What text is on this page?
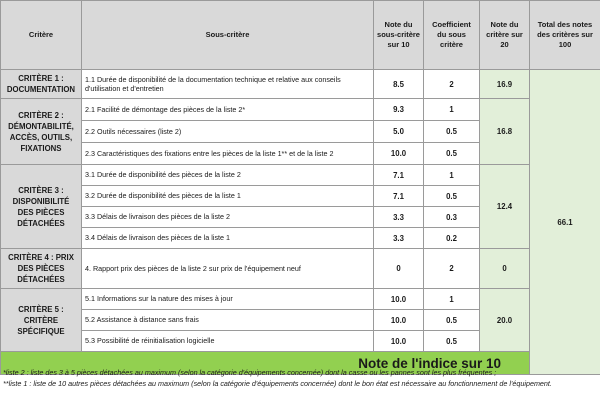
Critère	Sous-critère	Note du sous-critère sur 10	Coefficient du sous critère	Note du critère sur 20	Total des notes des critères sur 100	
CRITÈRE 1 : DOCUMENTATION	1.1 Durée de disponibilité de la documentation technique et relative aux conseils d'utilisation et d'entretien	8.5	2	16.9	66.1	
CRITÈRE 2 : DÉMONTABILITÉ, ACCÈS, OUTILS, FIXATIONS	2.1 Facilité de démontage des pièces de la liste 2*	9.3	1	16.8		
	2.2 Outils nécessaires (liste 2)	5.0	0.5			
	2.3 Caractéristiques des fixations entre les pièces de la liste 1** et de la liste 2	10.0	0.5			
CRITÈRE 3 : DISPONIBILITÉ DES PIÈCES DÉTACHÉES	3.1 Durée de disponibilité des pièces de la liste 2	7.1	1	12.4		
	3.2 Durée de disponibilité des pièces de la liste 1	7.1	0.5			
	3.3 Délais de livraison des pièces de la liste 2	3.3	0.3			
	3.4 Délais de livraison des pièces de la liste 1	3.3	0.2			
CRITÈRE 4 : PRIX DES PIÈCES DÉTACHÉES	4. Rapport prix des pièces de la liste 2 sur prix de l'équipement neuf	0	2	0		
CRITÈRE 5 : CRITÈRE SPÉCIFIQUE	5.1 Informations sur la nature des mises à jour	10.0	1	20.0		
	5.2 Assistance à distance sans frais	10.0	0.5			
	5.3 Possibilité de réinitialisation logicielle	10.0	0.5			
Note de l'indice sur 10	
*liste 2 : liste des 3 à 5 pièces détachées au maximum (selon la catégorie d'équipements concernée) dont la casse ou les pannes sont les plus fréquentes ;
**liste 1 : liste de 10 autres pièces détachées au maximum (selon la catégorie d'équipements concernée) dont le bon état est nécessaire au fonctionnement de l'équipement.
